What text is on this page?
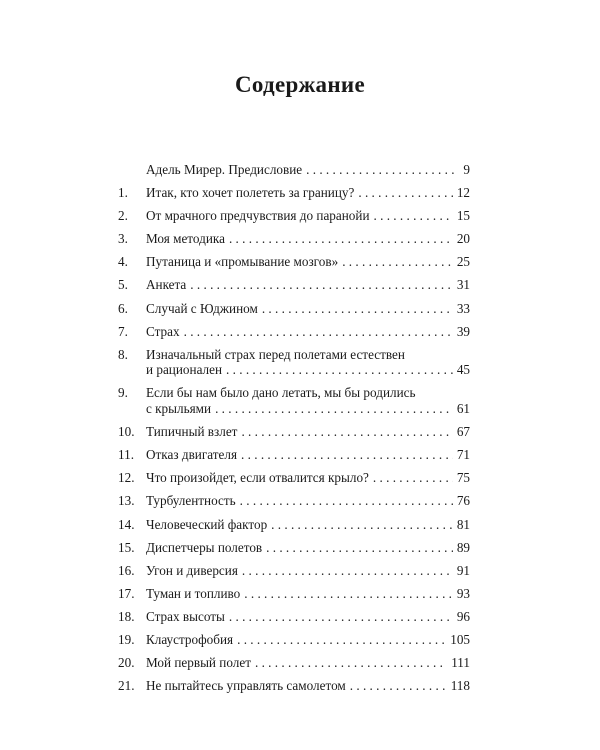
Содержание
Адель Мирер. Предисловие . . .	9
1.	Итак, кто хочет полететь за границу? . . .	12
2.	От мрачного предчувствия до паранойи . . .	15
3.	Моя методика . . .	20
4.	Путаница и «промывание мозгов» . . .	25
5.	Анкета . . .	31
6.	Случай с Юджином . . .	33
7.	Страх . . .	39
8.	Изначальный страх перед полетами естествен
и рационален . . .	45
9.	Если бы нам было дано летать, мы бы родились
с крыльями . . .	61
10. Типичный взлет . . .	67
11. Отказ двигателя . . .	71
12. Что произойдет, если отвалится крыло? . . .	75
13. Турбулентность . . .	76
14. Человеческий фактор . . .	81
15. Диспетчеры полетов . . .	89
16. Угон и диверсия . . .	91
17. Туман и топливо . . .	93
18. Страх высоты . . .	96
19. Клаустрофобия . . .	105
20. Мой первый полет . . .	111
21. Не пытайтесь управлять самолетом . . .	118
